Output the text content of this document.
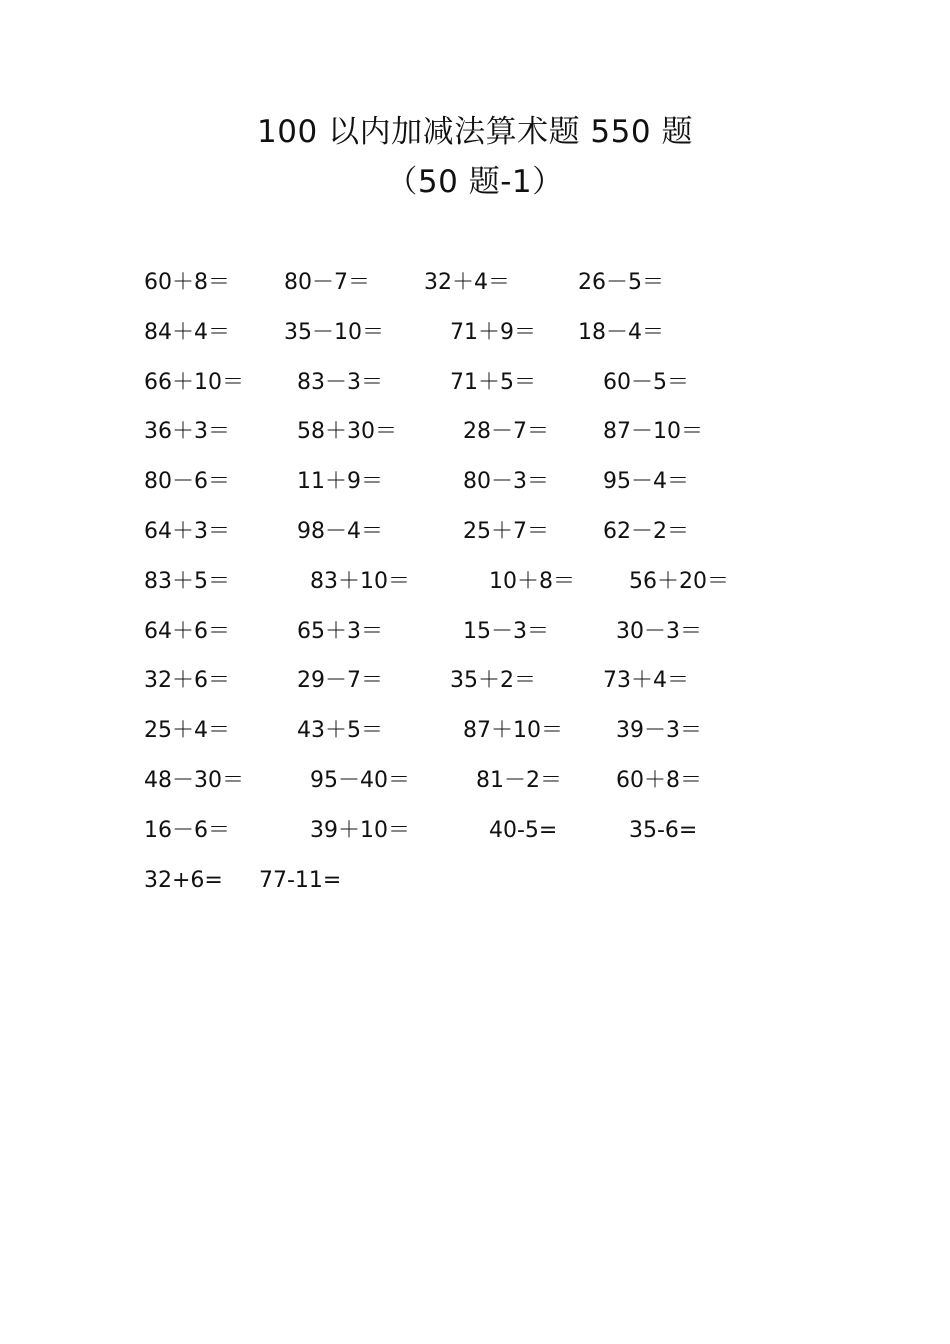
100 以内加减法算术题 550 题
（50 题-1）
60＋8＝ 80－7＝ 32＋4＝	26－5＝
84＋4＝ 35－10＝	71＋9＝ 18－4＝
66＋10＝ 83－3＝	71＋5＝	60－5＝
36＋3＝	58＋30＝	28－7＝ 87－10＝
80－6＝	11＋9＝	80－3＝ 95－4＝
64＋3＝	98－4＝	25＋7＝ 62－2＝
83＋5＝	83＋10＝	10＋8＝ 56＋20＝
64＋6＝	65＋3＝	15－3＝	30－3＝
32＋6＝	29－7＝	35＋2＝	73＋4＝
25＋4＝	43＋5＝	87＋10＝ 39－3＝
48－30＝	95－40＝	81－2＝ 60＋8＝
16－6＝	39＋10＝	40-5=	35-6=
32+6= 77-11=
